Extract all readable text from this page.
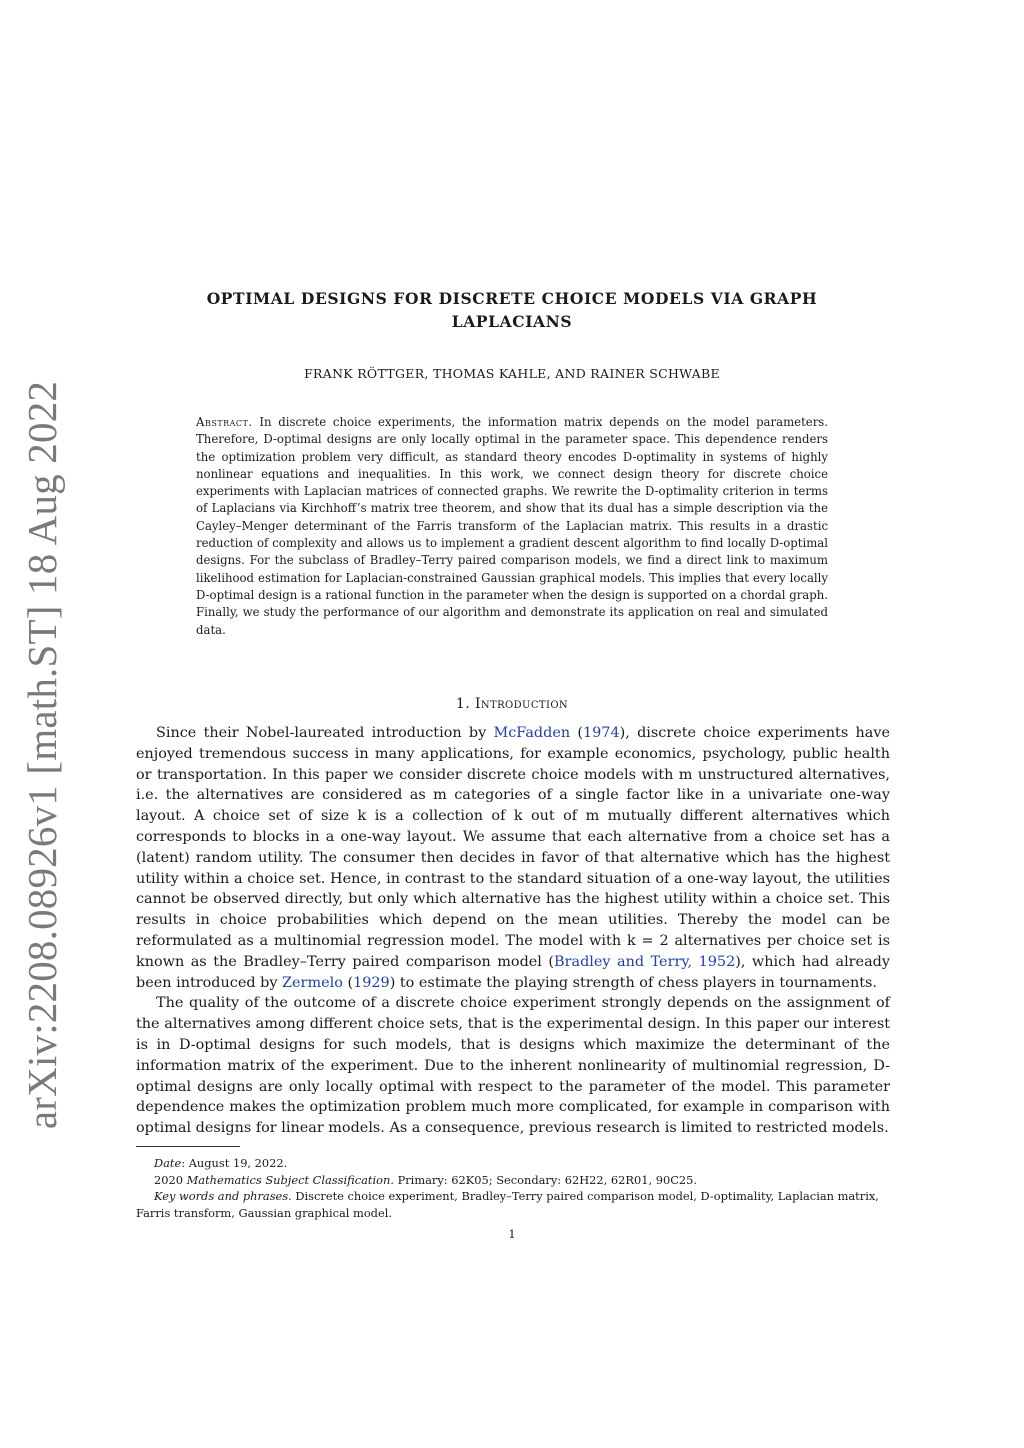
arXiv:2208.08926v1 [math.ST] 18 Aug 2022
OPTIMAL DESIGNS FOR DISCRETE CHOICE MODELS VIA GRAPH
LAPLACIANS
FRANK RÖTTGER, THOMAS KAHLE, AND RAINER SCHWABE
Abstract. In discrete choice experiments, the information matrix depends on the model parameters. Therefore, D-optimal designs are only locally optimal in the parameter space. This dependence renders the optimization problem very difficult, as standard theory encodes D-optimality in systems of highly nonlinear equations and inequalities. In this work, we connect design theory for discrete choice experiments with Laplacian matrices of connected graphs. We rewrite the D-optimality criterion in terms of Laplacians via Kirchhoff’s matrix tree theorem, and show that its dual has a simple description via the Cayley–Menger determinant of the Farris transform of the Laplacian matrix. This results in a drastic reduction of complexity and allows us to implement a gradient descent algorithm to find locally D-optimal designs. For the subclass of Bradley–Terry paired comparison models, we find a direct link to maximum likelihood estimation for Laplacian-constrained Gaussian graphical models. This implies that every locally D-optimal design is a rational function in the parameter when the design is supported on a chordal graph. Finally, we study the performance of our algorithm and demonstrate its application on real and simulated data.
1. Introduction

Since their Nobel-laureated introduction by McFadden (1974), discrete choice experiments have enjoyed tremendous success in many applications, for example economics, psychology, public health or transportation. In this paper we consider discrete choice models with m unstructured alternatives, i.e. the alternatives are considered as m categories of a single factor like in a univariate one-way layout. A choice set of size k is a collection of k out of m mutually different alternatives which corresponds to blocks in a one-way layout. We assume that each alternative from a choice set has a (latent) random utility. The consumer then decides in favor of that alternative which has the highest utility within a choice set. Hence, in contrast to the standard situation of a one-way layout, the utilities cannot be observed directly, but only which alternative has the highest utility within a choice set. This results in choice probabilities which depend on the mean utilities. Thereby the model can be reformulated as a multinomial regression model. The model with k = 2 alternatives per choice set is known as the Bradley–Terry paired comparison model (Bradley and Terry, 1952), which had already been introduced by Zermelo (1929) to estimate the playing strength of chess players in tournaments.

The quality of the outcome of a discrete choice experiment strongly depends on the assignment of the alternatives among different choice sets, that is the experimental design. In this paper our interest is in D-optimal designs for such models, that is designs which maximize the determinant of the information matrix of the experiment. Due to the inherent nonlinearity of multinomial regression, D-optimal designs are only locally optimal with respect to the parameter of the model. This parameter dependence makes the optimization problem much more complicated, for example in comparison with optimal designs for linear models. As a consequence, previous research is limited to restricted models.

Date: August 19, 2022.
2020 Mathematics Subject Classification. Primary: 62K05; Secondary: 62H22, 62R01, 90C25.
Key words and phrases. Discrete choice experiment, Bradley–Terry paired comparison model, D-optimality, Laplacian matrix, Farris transform, Gaussian graphical model.
1
